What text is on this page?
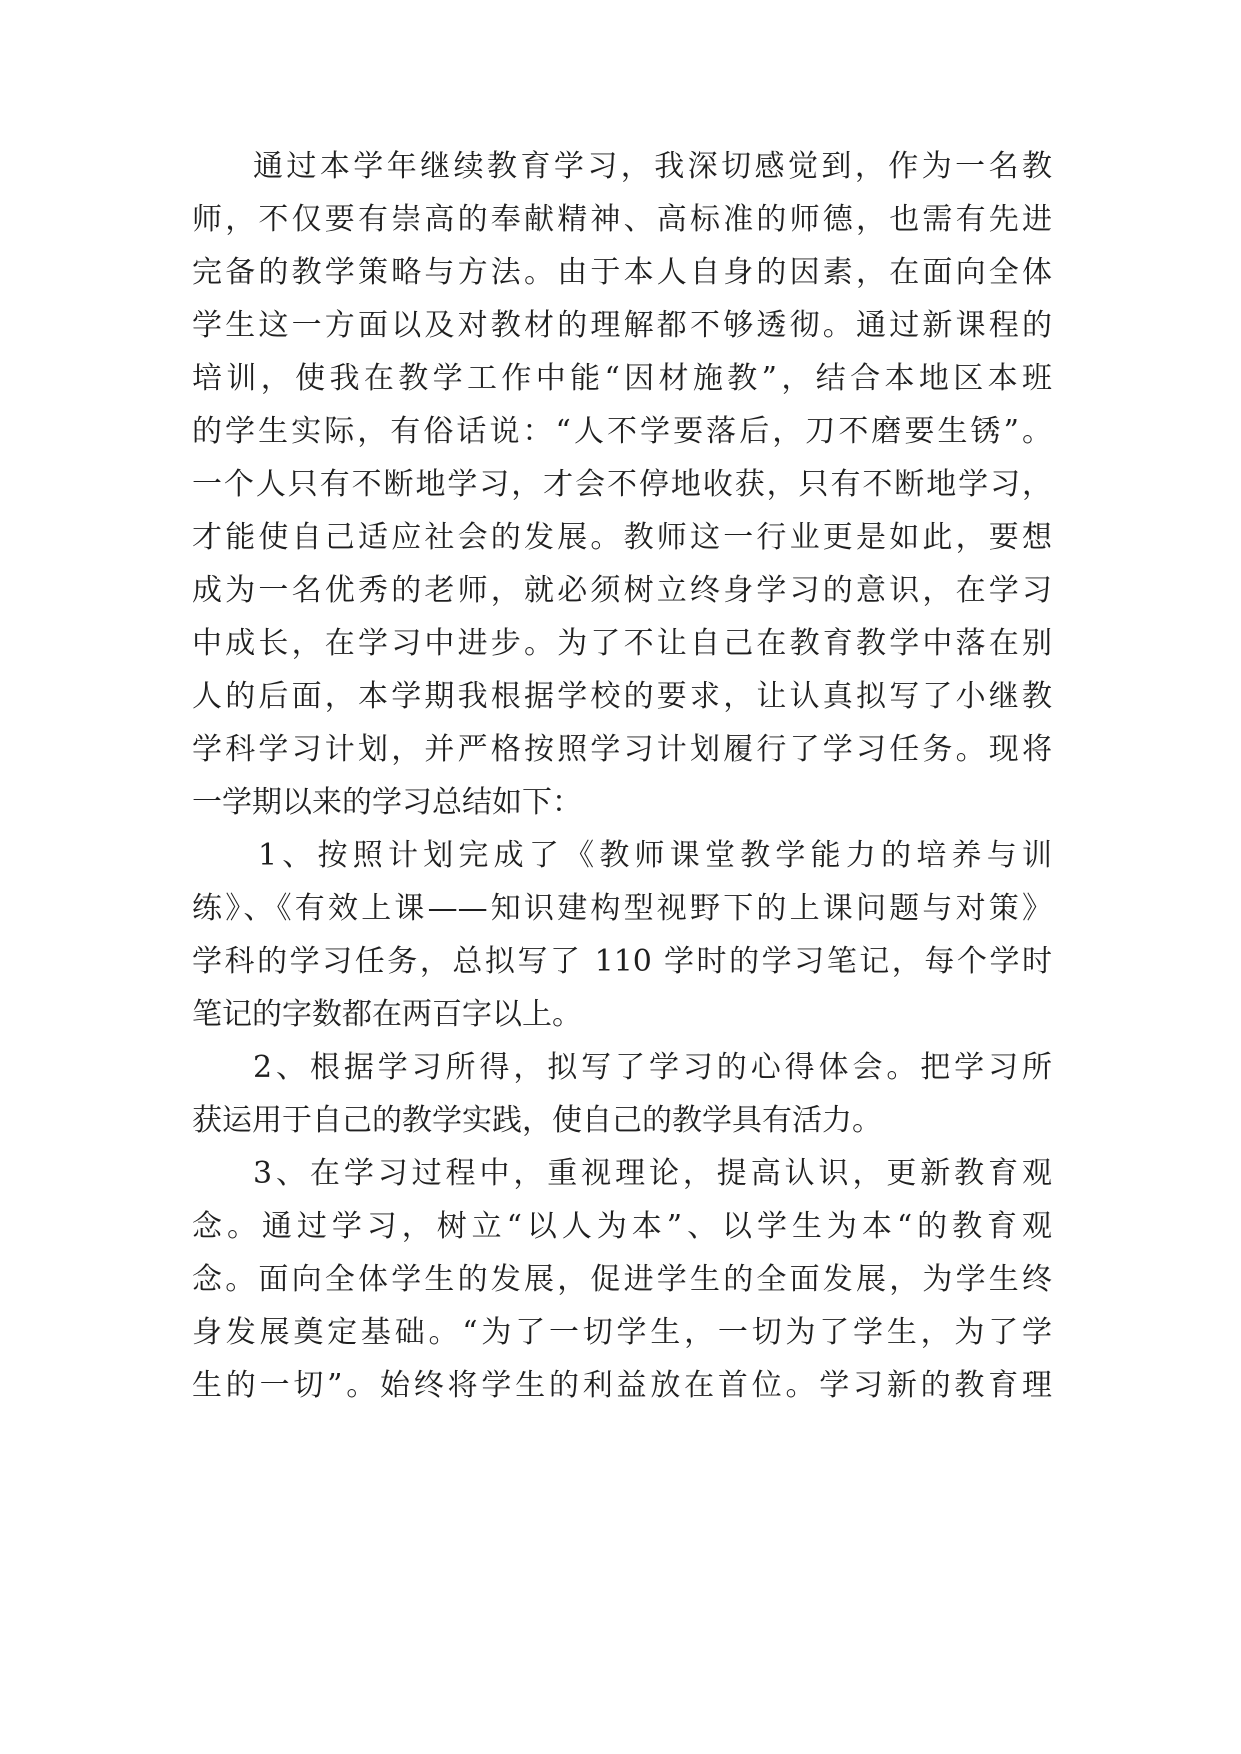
通过本学年继续教育学习，我深切感觉到，作为一名教
师，不仅要有崇高的奉献精神、高标准的师德，也需有先进
完备的教学策略与方法。由于本人自身的因素，在面向全体
学生这一方面以及对教材的理解都不够透彻。通过新课程的
培训，使我在教学工作中能“因材施教”，结合本地区本班
的学生实际，有俗话说：“人不学要落后，刀不磨要生锈”。
一个人只有不断地学习，才会不停地收获，只有不断地学习，
才能使自己适应社会的发展。教师这一行业更是如此，要想
成为一名优秀的老师，就必须树立终身学习的意识，在学习
中成长，在学习中进步。为了不让自己在教育教学中落在别
人的后面，本学期我根据学校的要求，让认真拟写了小继教
学科学习计划，并严格按照学习计划履行了学习任务。现将
一学期以来的学习总结如下：
1、按照计划完成了《教师课堂教学能力的培养与训
练》、《有效上课——知识建构型视野下的上课问题与对策》
学科的学习任务，总拟写了 110 学时的学习笔记，每个学时
笔记的字数都在两百字以上。
2、根据学习所得，拟写了学习的心得体会。把学习所
获运用于自己的教学实践，使自己的教学具有活力。
3、在学习过程中，重视理论，提高认识，更新教育观
念。通过学习，树立“以人为本”、以学生为本“的教育观
念。面向全体学生的发展，促进学生的全面发展，为学生终
身发展奠定基础。“为了一切学生，一切为了学生，为了学
生的一切”。始终将学生的利益放在首位。学习新的教育理
